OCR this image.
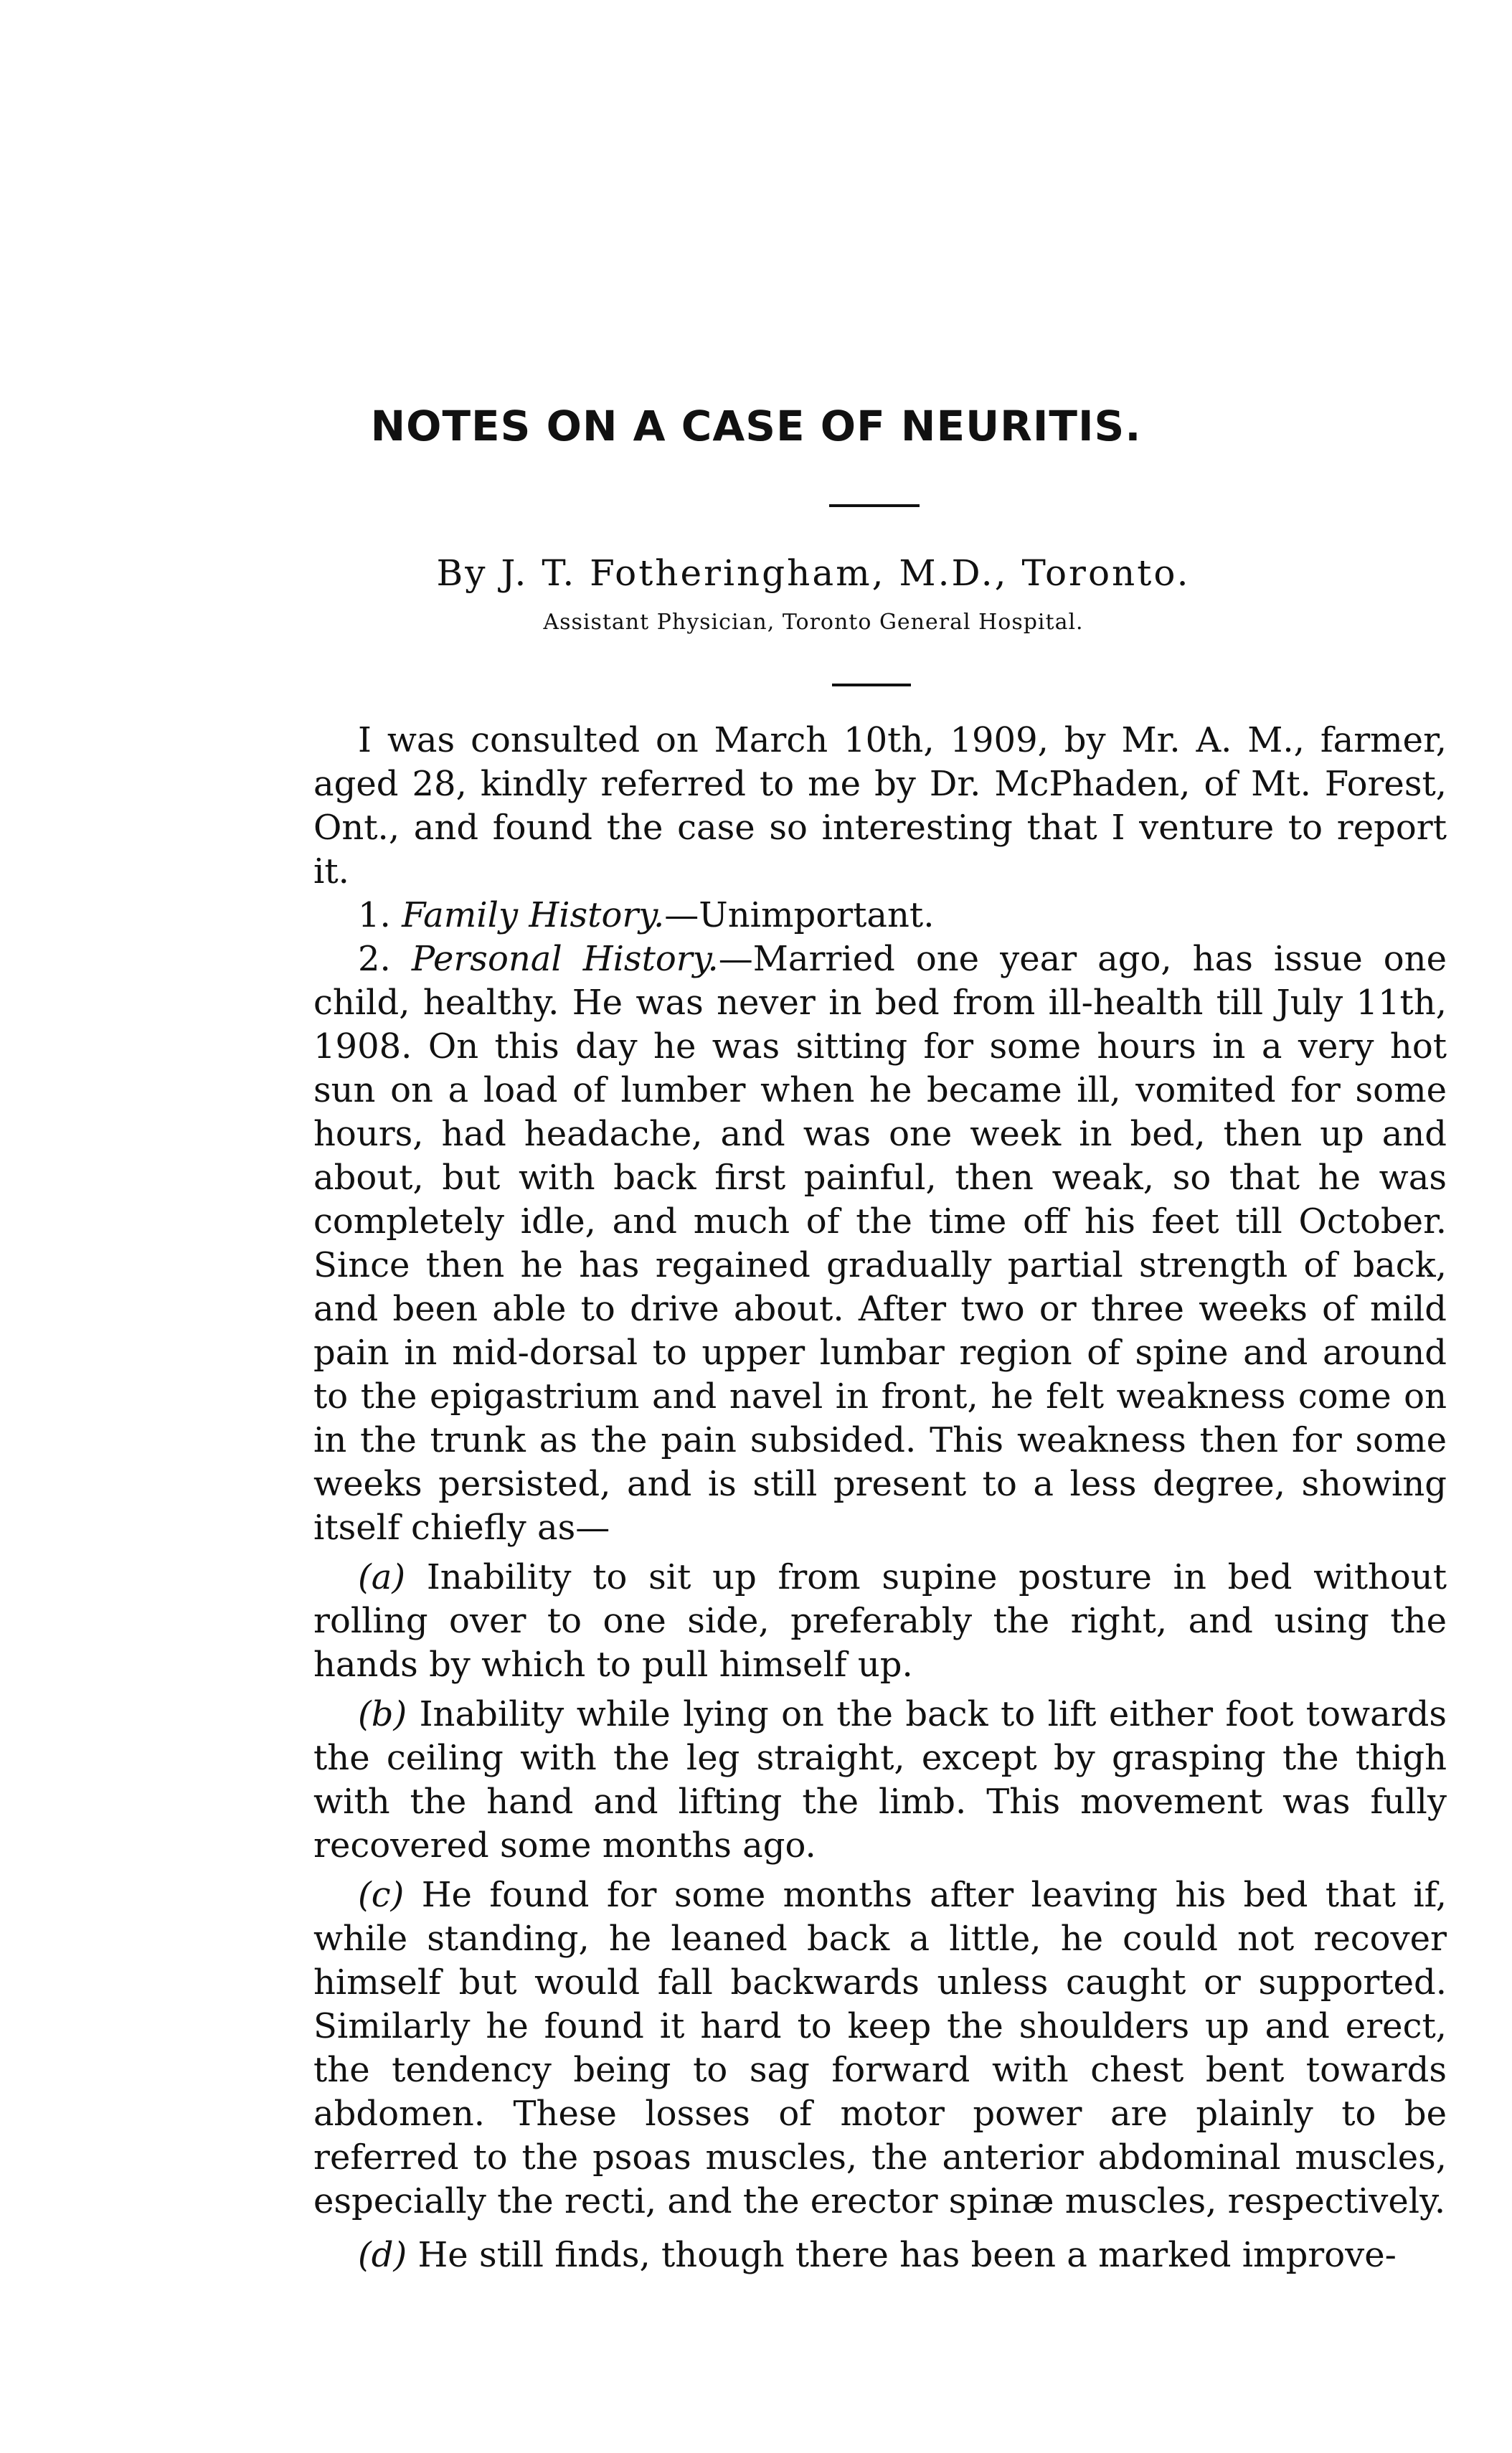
NOTES ON A CASE OF NEURITIS.
By J. T. Fotheringham, M.D., Toronto.
Assistant Physician, Toronto General Hospital.

I was consulted on March 10th, 1909, by Mr. A. M., farmer, aged 28, kindly referred to me by Dr. McPhaden, of Mt. Forest, Ont., and found the case so interesting that I venture to report it.

1. Family History.—Unimportant.

2. Personal History.—Married one year ago, has issue one child, healthy. He was never in bed from ill-health till July 11th, 1908. On this day he was sitting for some hours in a very hot sun on a load of lumber when he became ill, vomited for some hours, had headache, and was one week in bed, then up and about, but with back first painful, then weak, so that he was completely idle, and much of the time off his feet till October. Since then he has regained gradually partial strength of back, and been able to drive about. After two or three weeks of mild pain in mid-dorsal to upper lumbar region of spine and around to the epigastrium and navel in front, he felt weakness come on in the trunk as the pain subsided. This weakness then for some weeks persisted, and is still present to a less degree, showing itself chiefly as—

(a) Inability to sit up from supine posture in bed without rolling over to one side, preferably the right, and using the hands by which to pull himself up.

(b) Inability while lying on the back to lift either foot towards the ceiling with the leg straight, except by grasping the thigh with the hand and lifting the limb. This movement was fully recovered some months ago.

(c) He found for some months after leaving his bed that if, while standing, he leaned back a little, he could not recover himself but would fall backwards unless caught or supported. Similarly he found it hard to keep the shoulders up and erect, the tendency being to sag forward with chest bent towards abdomen. These losses of motor power are plainly to be referred to the psoas muscles, the anterior abdominal muscles, especially the recti, and the erector spinæ muscles, respectively.

(d) He still finds, though there has been a marked improve-
